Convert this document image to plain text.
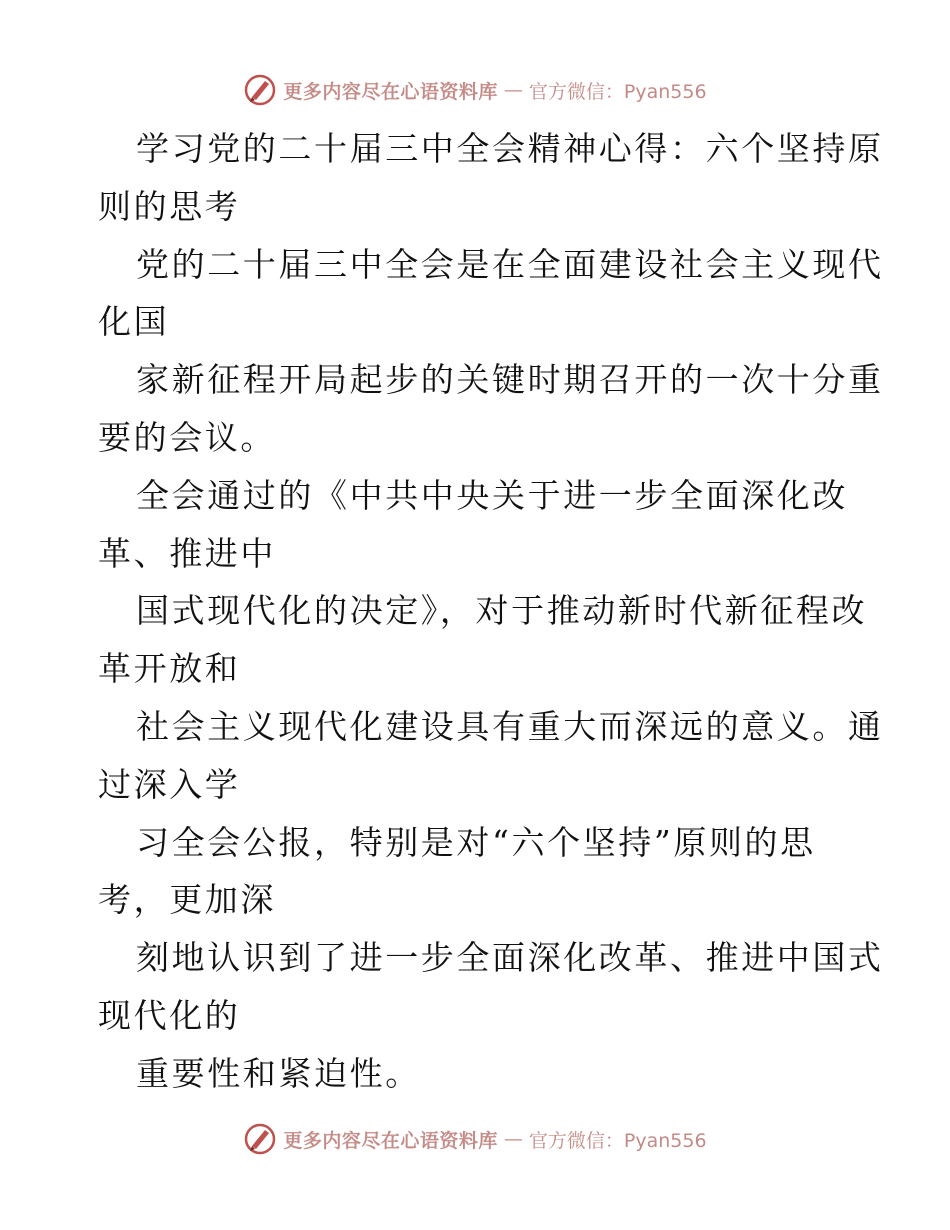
更多内容尽在心语资料库 — 官方微信：Pyan556
学习党的二十届三中全会精神心得：六个坚持原
则的思考
党的二十届三中全会是在全面建设社会主义现代
化国
家新征程开局起步的关键时期召开的一次十分重
要的会议。
全会通过的《中共中央关于进一步全面深化改
革、推进中
国式现代化的决定》，对于推动新时代新征程改
革开放和
社会主义现代化建设具有重大而深远的意义。通
过深入学
习全会公报，特别是对“六个坚持”原则的思
考，更加深
刻地认识到了进一步全面深化改革、推进中国式
现代化的
重要性和紧迫性。
更多内容尽在心语资料库 — 官方微信：Pyan556
